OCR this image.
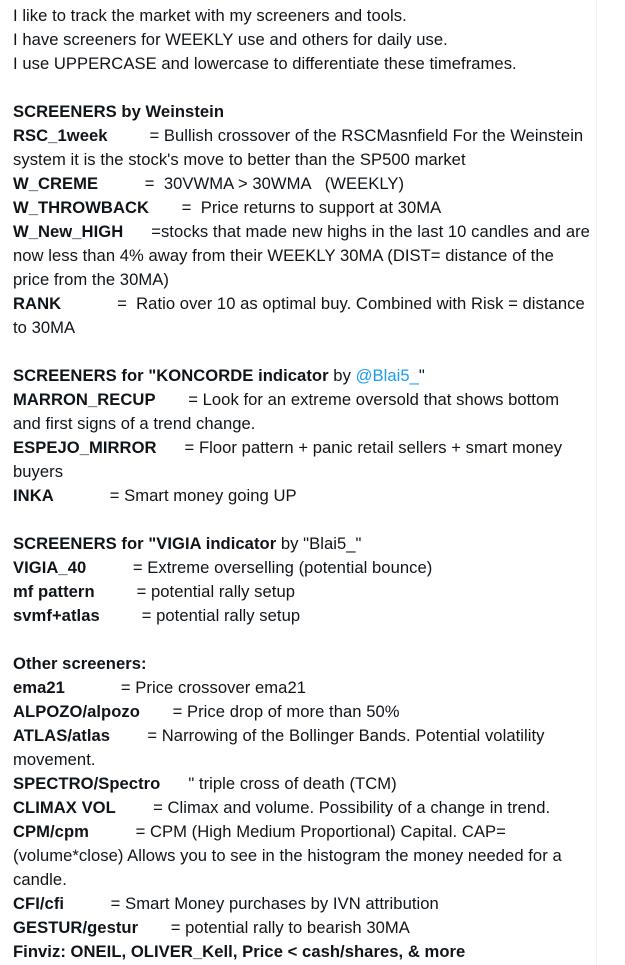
I like to track the market with my screeners and tools.
I have screeners for WEEKLY use and others for daily use.
I use UPPERCASE and lowercase to differentiate these timeframes.
SCREENERS by Weinstein
RSC_1week	= Bullish crossover of the RSCMasnfield For the Weinstein system it is the stock's move to better than the SP500 market
W_CREME	=  30VWMA > 30WMA   (WEEKLY)
W_THROWBACK =  Price returns to support at 30MA
W_New_HIGH =stocks that made new highs in the last 10 candles and are now less than 4% away from their WEEKLY 30MA (DIST= distance of the price from the 30MA)
RANK	=  Ratio over 10 as optimal buy. Combined with Risk = distance to 30MA
SCREENERS for "KONCORDE indicator by @Blai5_"
MARRON_RECUP = Look for an extreme oversold that shows bottom and first signs of a trend change.
ESPEJO_MIRROR = Floor pattern + panic retail sellers + smart money buyers
INKA	= Smart money going UP
SCREENERS for "VIGIA indicator by "Blai5_"
VIGIA_40	= Extreme overselling (potential bounce)
mf pattern	= potential rally setup
svmf+atlas	= potential rally setup
Other screeners:
ema21	= Price crossover ema21
ALPOZO/alpozo = Price drop of more than 50%
ATLAS/atlas = Narrowing of the Bollinger Bands. Potential volatility movement.
SPECTRO/Spectro " triple cross of death (TCM)
CLIMAX VOL = Climax and volume. Possibility of a change in trend.
CPM/cpm	= CPM (High Medium Proportional) Capital. CAP= (volume*close) Allows you to see in the histogram the money needed for a candle.
CFI/cfi	= Smart Money purchases by IVN attribution
GESTUR/gestur = potential rally to bearish 30MA
Finviz: ONEIL, OLIVER_Kell, Price < cash/shares, & more
